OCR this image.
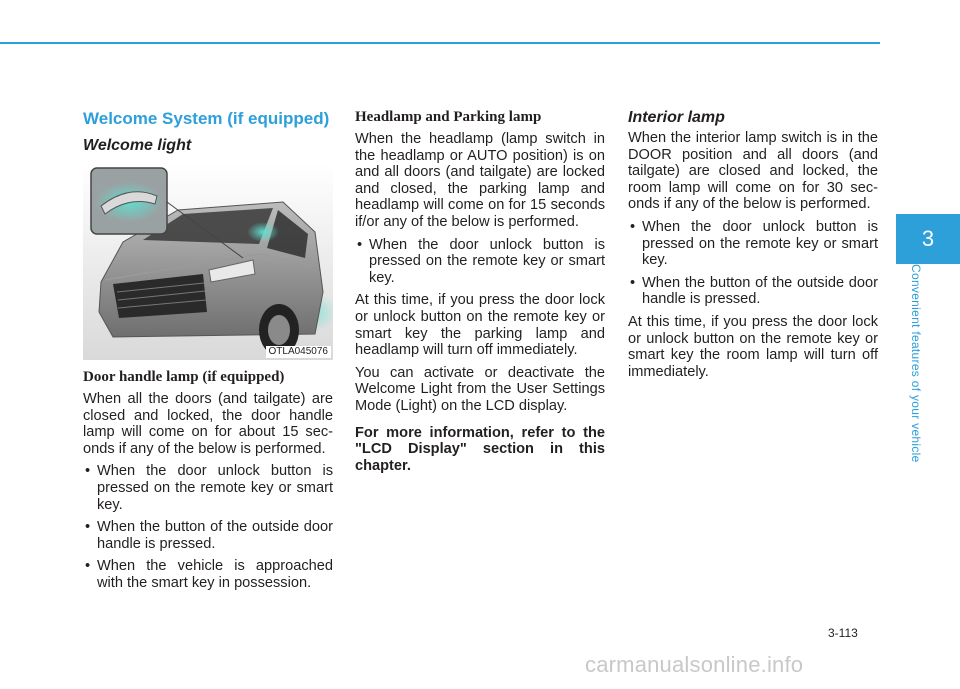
Welcome System (if equipped)
Welcome light
OTLA045076
Door handle lamp (if equipped)

When all the doors (and tailgate) are closed and locked, the door handle lamp will come on for about 15 sec-onds if any of the below is performed.

• When the door unlock button is pressed on the remote key or smart key.
• When the button of the outside door handle is pressed.
• When the vehicle is approached with the smart key in possession.
Headlamp and Parking lamp

When the headlamp (lamp switch in the headlamp or AUTO position) is on and all doors (and tailgate) are locked and closed, the parking lamp and headlamp will come on for 15 seconds if/or any of the below is performed.

• When the door unlock button is pressed on the remote key or smart key.

At this time, if you press the door lock or unlock button on the remote key or smart key the parking lamp and headlamp will turn off immediately.

You can activate or deactivate the Welcome Light from the User Settings Mode (Light) on the LCD display.

For more information, refer to the "LCD Display" section in this chapter.

Interior lamp

When the interior lamp switch is in the DOOR position and all doors (and tailgate) are closed and locked, the room lamp will come on for 30 sec-onds if any of the below is performed.

• When the door unlock button is pressed on the remote key or smart key.
• When the button of the outside door handle is pressed.

At this time, if you press the door lock or unlock button on the remote key or smart key the room lamp will turn off immediately.

3
Convenient features of your vehicle
3-113
carmanualsonline.info
